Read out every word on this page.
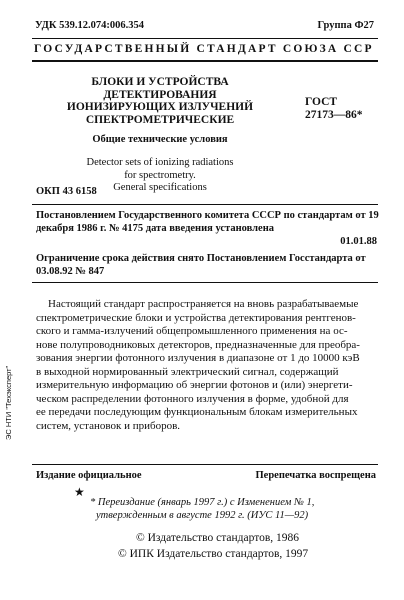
УДК 539.12.074:006.354	Группа Ф27
ГОСУДАРСТВЕННЫЙ СТАНДАРТ СОЮЗА ССР
БЛОКИ И УСТРОЙСТВА ДЕТЕКТИРОВАНИЯ
ИОНИЗИРУЮЩИХ ИЗЛУЧЕНИЙ
СПЕКТРОМЕТРИЧЕСКИЕ
Общие технические условия
Detector sets of ionizing radiations
for spectrometry.
General specifications
ГОСТ
27173—86*
ОКП 43 6158
Постановлением Государственного комитета СССР по стандартам от 19 декабря 1986 г. № 4175 дата введения установлена
01.01.88
Ограничение срока действия снято Постановлением Госстандарта от 03.08.92 № 847
Настоящий стандарт распространяется на вновь разрабатываемые
спектрометрические блоки и устройства детектирования рентгенов-
ского и гамма-излучений общепромышленного применения на ос-
нове полупроводниковых детекторов, предназначенные для преобра-
зования энергии фотонного излучения в диапазоне от 1 до 10000 кэВ
в выходной нормированный электрический сигнал, содержащий
измерительную информацию об энергии фотонов и (или) энергети-
ческом распределении фотонного излучения в форме, удобной для
ее передачи последующим функциональным блокам измерительных
систем, установок и приборов.
ЭС НТИ "Техэксперт"
Издание официальное	Перепечатка воспрещена
★
* Переиздание (январь 1997 г.) с Изменением № 1,
утвержденным в августе 1992 г. (ИУС 11—92)
© Издательство стандартов, 1986
© ИПК Издательство стандартов, 1997
